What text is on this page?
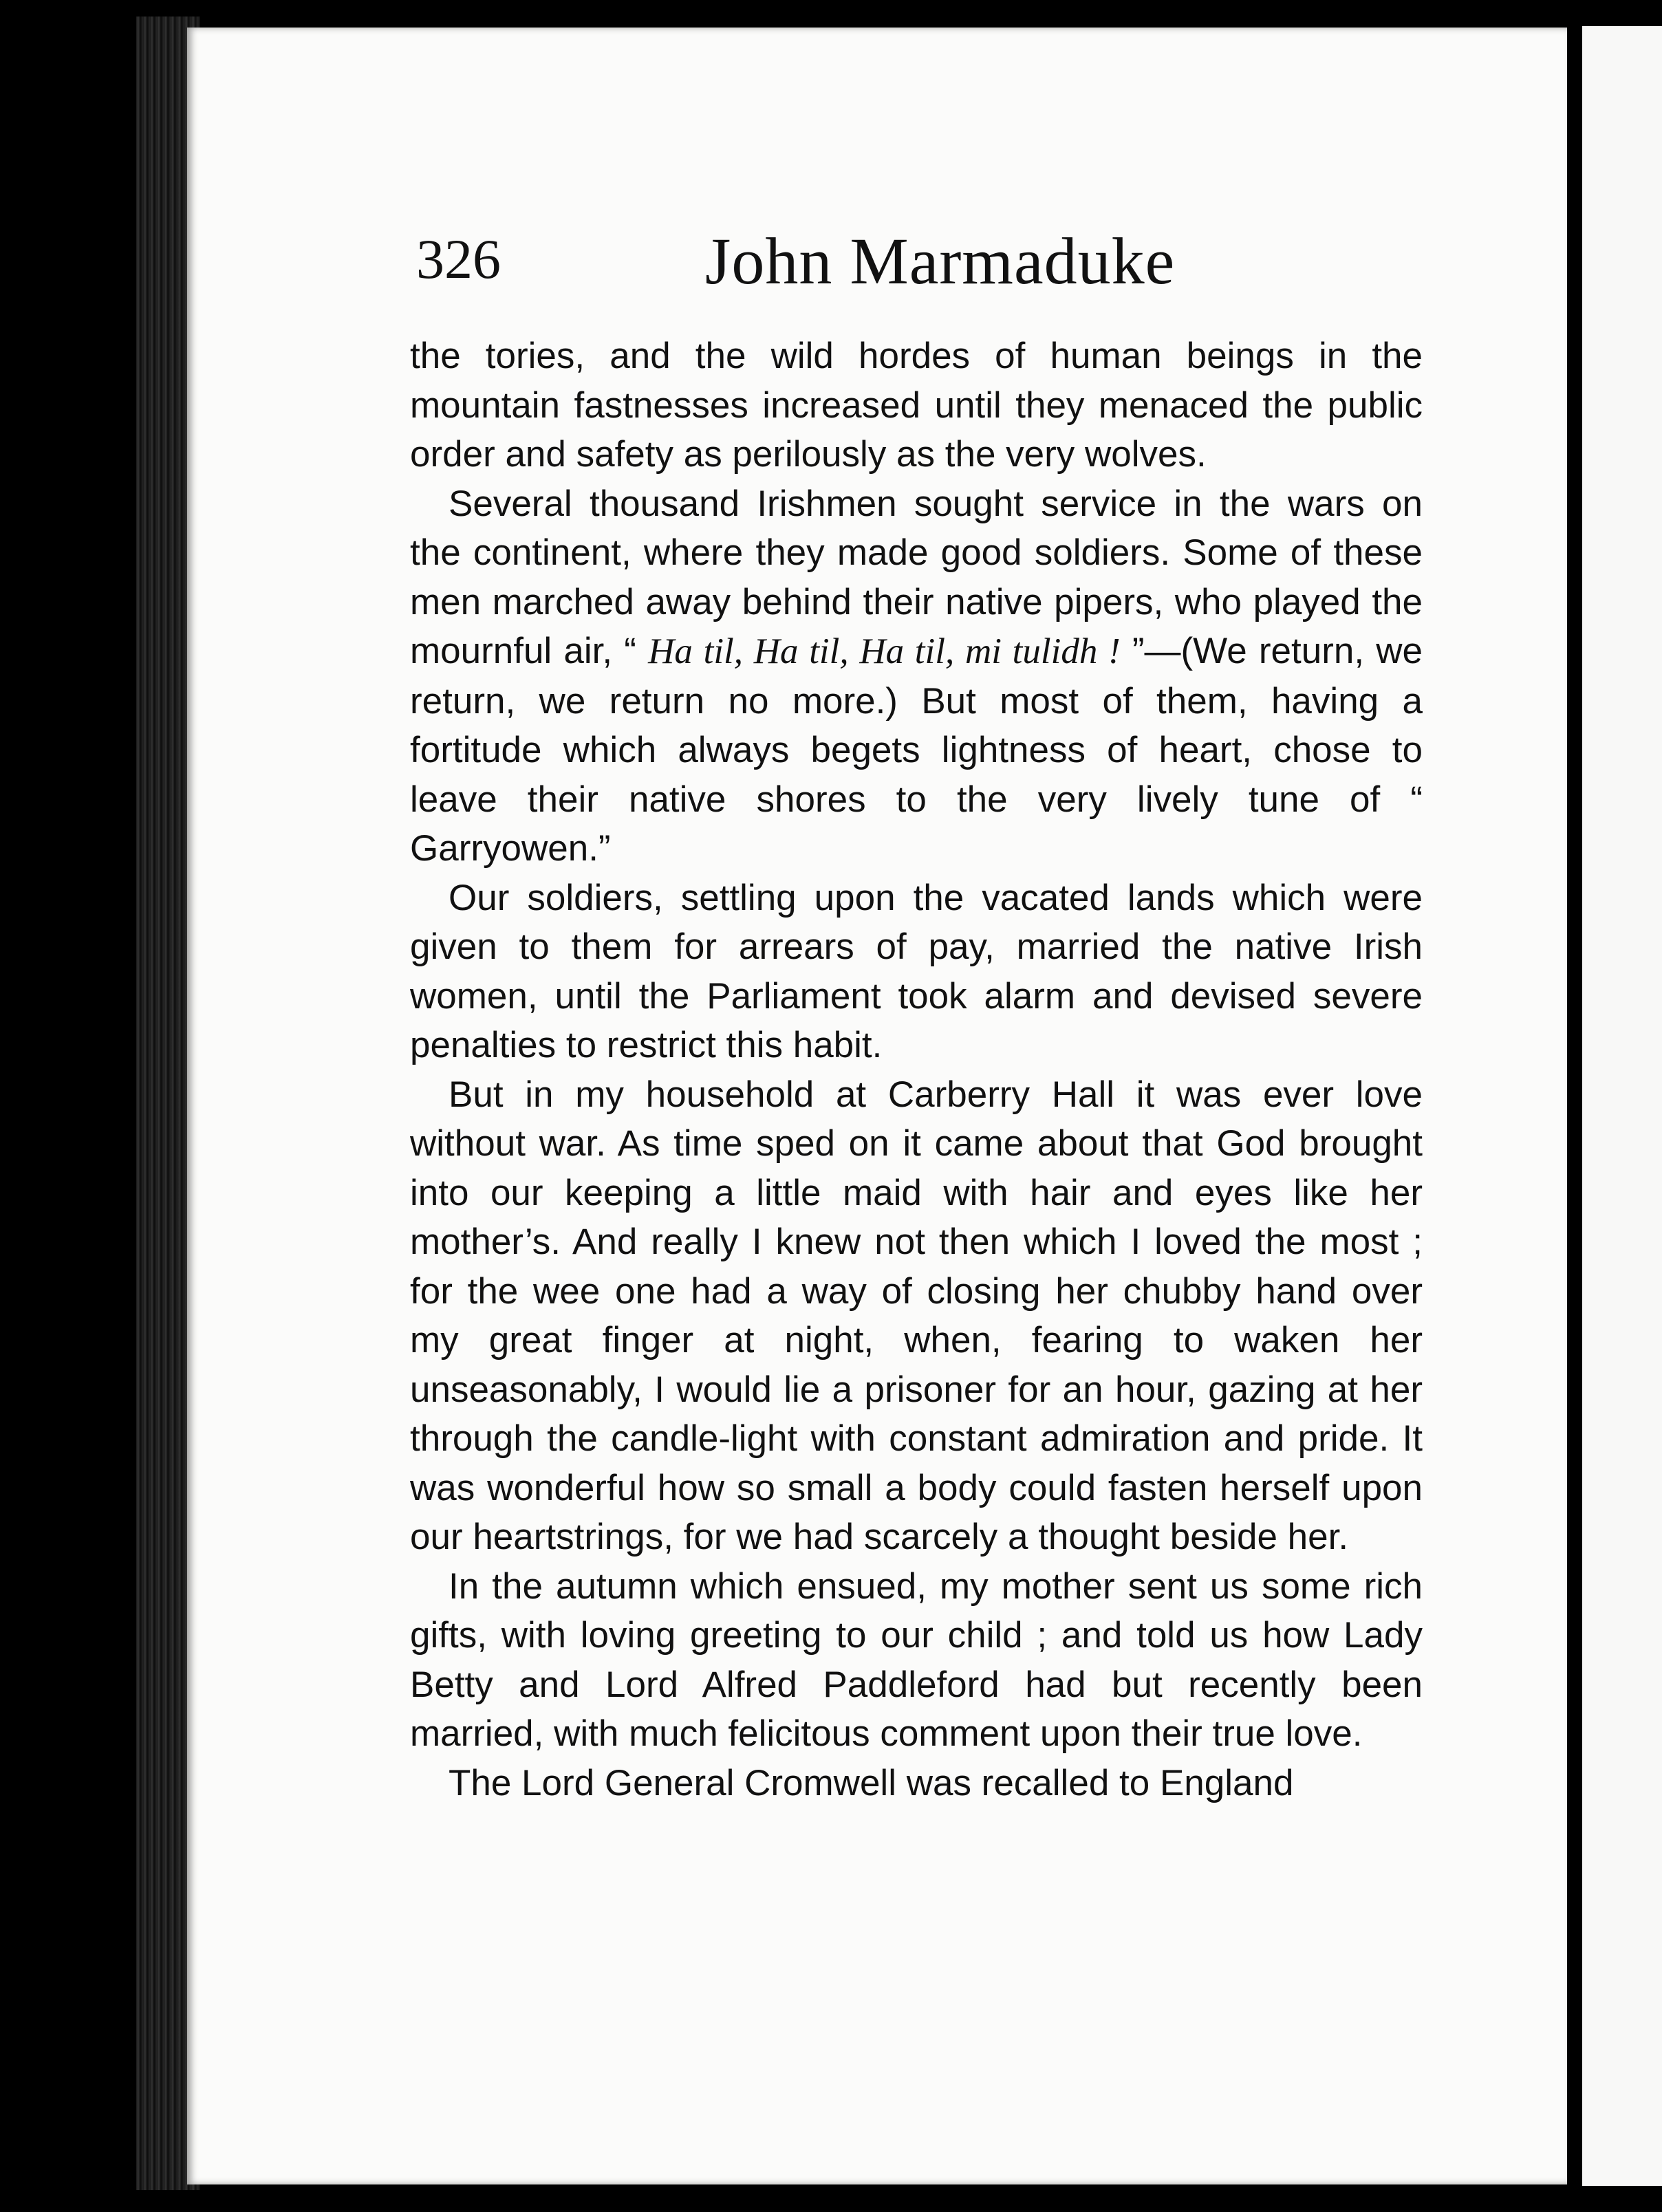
326	John Marmaduke

the tories, and the wild hordes of human beings in the mountain fastnesses increased until they menaced the public order and safety as perilously as the very wolves.

Several thousand Irishmen sought service in the wars on the continent, where they made good soldiers. Some of these men marched away behind their native pipers, who played the mournful air, “ Ha til, Ha til, Ha til, mi tulidh ! ”—(We return, we return, we return no more.) But most of them, having a fortitude which always begets lightness of heart, chose to leave their native shores to the very lively tune of “ Garryowen.”

Our soldiers, settling upon the vacated lands which were given to them for arrears of pay, married the native Irish women, until the Parliament took alarm and devised severe penalties to restrict this habit.

But in my household at Carberry Hall it was ever love without war. As time sped on it came about that God brought into our keeping a little maid with hair and eyes like her mother’s. And really I knew not then which I loved the most ; for the wee one had a way of closing her chubby hand over my great finger at night, when, fearing to waken her unseasonably, I would lie a prisoner for an hour, gazing at her through the candle-light with constant admiration and pride. It was wonderful how so small a body could fasten herself upon our heartstrings, for we had scarcely a thought beside her.

In the autumn which ensued, my mother sent us some rich gifts, with loving greeting to our child ; and told us how Lady Betty and Lord Alfred Paddleford had but recently been married, with much felicitous comment upon their true love.

The Lord General Cromwell was recalled to England
